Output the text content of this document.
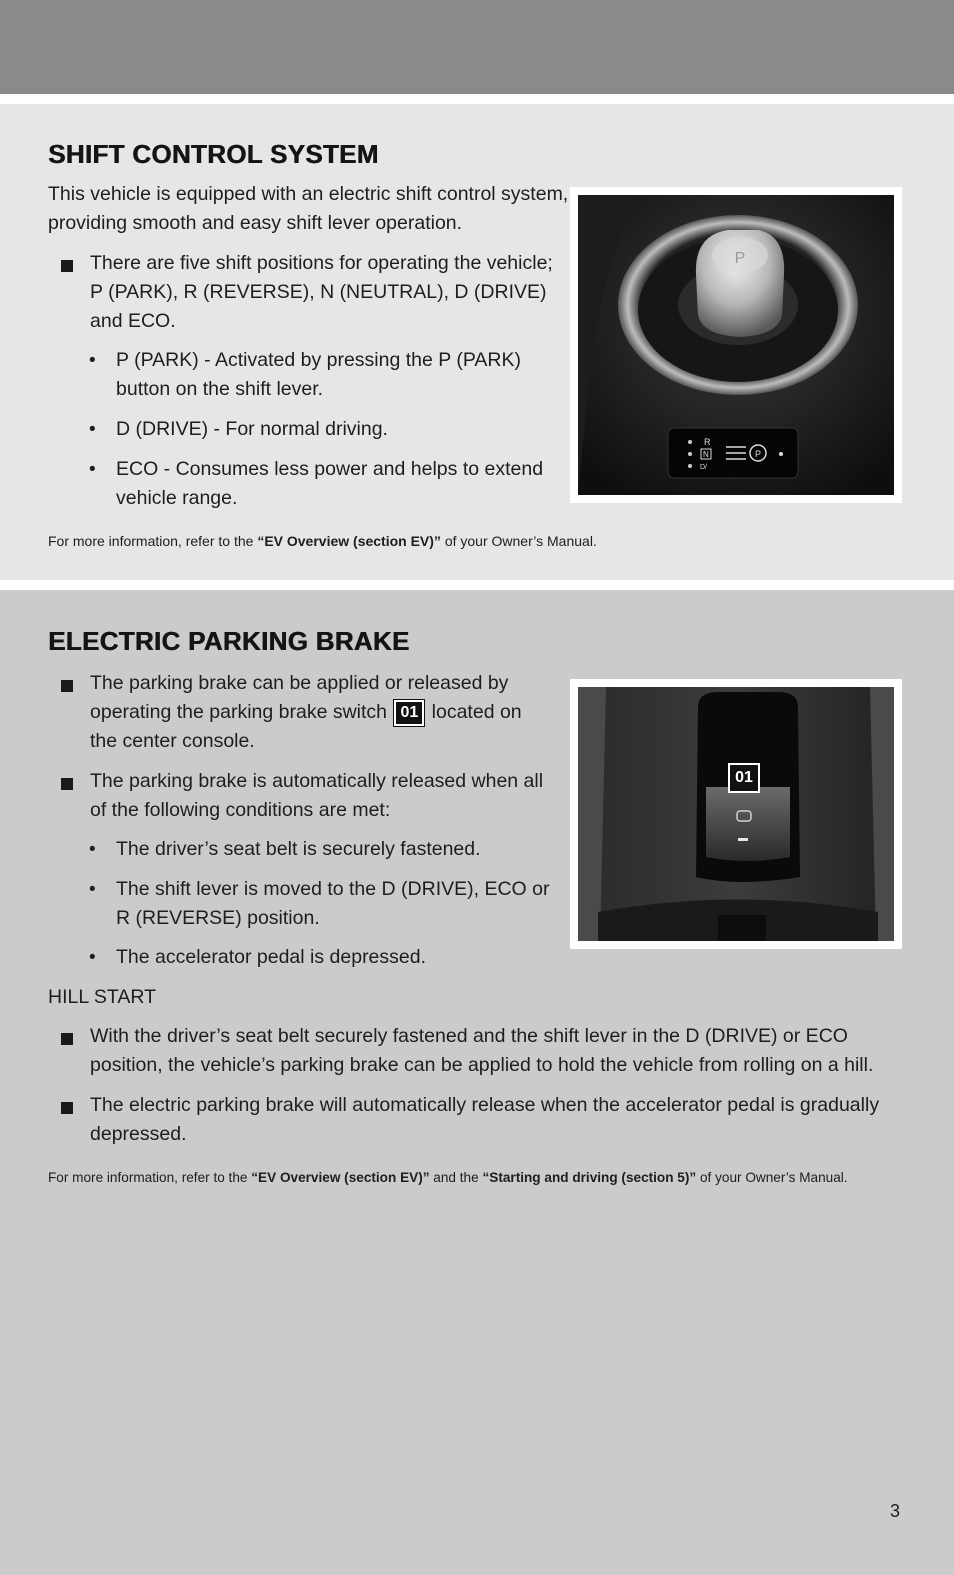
SHIFT CONTROL SYSTEM

This vehicle is equipped with an electric shift control system,

providing smooth and easy shift lever operation.

There are five shift positions for operating the vehicle;

P (PARK), R (REVERSE), N (NEUTRAL), D (DRIVE)

and ECO.

• P (PARK) - Activated by pressing the P (PARK)

button on the shift lever.

• D (DRIVE) - For normal driving.

• ECO - Consumes less power and helps to extend

vehicle range.

For more information, refer to the “EV Overview (section EV)” of your Owner’s Manual.

P
R
N
D/
P
ELECTRIC PARKING BRAKE

The parking brake can be applied or released by

operating the parking brake switch 01 located on

the center console.

The parking brake is automatically released when all

of the following conditions are met:

• The driver’s seat belt is securely fastened.

• The shift lever is moved to the D (DRIVE), ECO or

R (REVERSE) position.

• The accelerator pedal is depressed.

HILL START

With the driver’s seat belt securely fastened and the shift lever in the D (DRIVE) or ECO

position, the vehicle’s parking brake can be applied to hold the vehicle from rolling on a hill.

The electric parking brake will automatically release when the accelerator pedal is gradually

depressed.

For more information, refer to the “EV Overview (section EV)” and the “Starting and driving (section 5)” of your Owner’s Manual.

01
3
